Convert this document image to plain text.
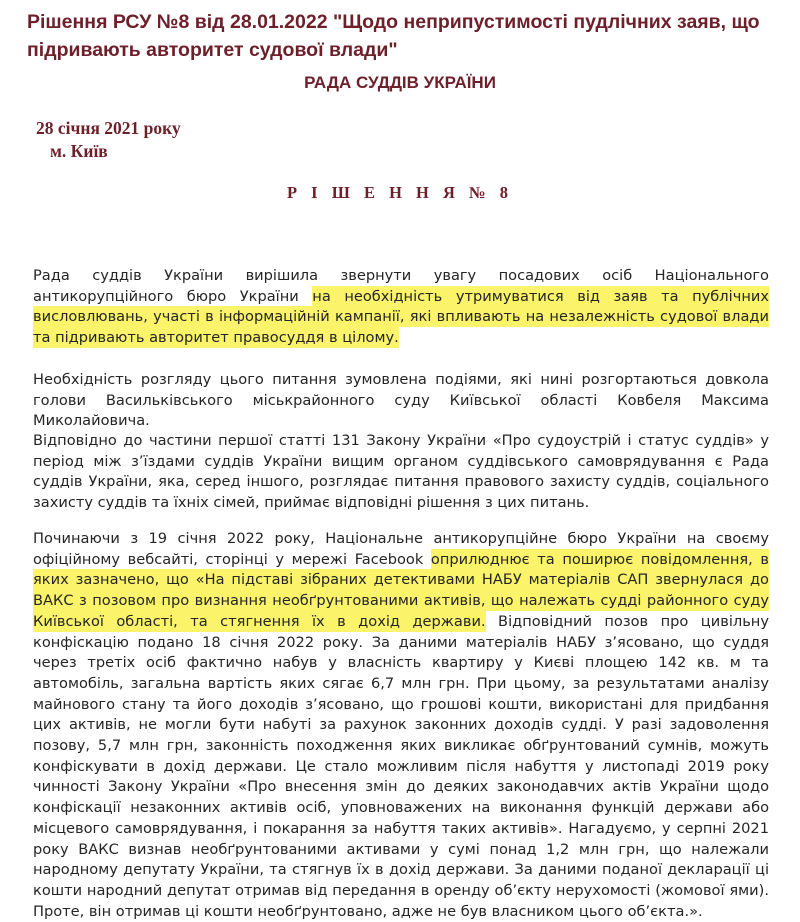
Рішення РСУ №8 від 28.01.2022 "Щодо неприпустимості пудлічних заяв, що підривають авторитет судової влади"
РАДА СУДДІВ УКРАЇНИ
28 січня 2021 року
м. Київ
Р І Ш Е Н Н Я № 8

Рада суддів України вирішила звернути увагу посадових осіб Національного антикорупційного бюро України на необхідність утримуватися від заяв та публічних висловлювань, участі в інформаційній кампанії, які впливають на незалежність судової влади та підривають авторитет правосуддя в цілому.

Необхідність розгляду цього питання зумовлена подіями, які нині розгортаються довкола голови Васильківського міськрайонного суду Київської області Ковбеля Максима Миколайовича.

Відповідно до частини першої статті 131 Закону України «Про судоустрій і статус суддів» у період між з’їздами суддів України вищим органом суддівського самоврядування є Рада суддів України, яка, серед іншого, розглядає питання правового захисту суддів, соціального захисту суддів та їхніх сімей, приймає відповідні рішення з цих питань.

Починаючи з 19 січня 2022 року, Національне антикорупційне бюро України на своєму офіційному вебсайті, сторінці у мережі Facebook оприлюднює та поширює повідомлення, в яких зазначено, що «На підставі зібраних детективами НАБУ матеріалів САП звернулася до ВАКС з позовом про визнання необґрунтованими активів, що належать судді районного суду Київської області, та стягнення їх в дохід держави. Відповідний позов про цивільну конфіскацію подано 18 січня 2022 року. За даними матеріалів НАБУ з’ясовано, що суддя через третіх осіб фактично набув у власність квартиру у Києві площею 142 кв. м та автомобіль, загальна вартість яких сягає 6,7 млн грн. При цьому, за результатами аналізу майнового стану та його доходів з’ясовано, що грошові кошти, використані для придбання цих активів, не могли бути набуті за рахунок законних доходів судді. У разі задоволення позову, 5,7 млн грн, законність походження яких викликає обґрунтований сумнів, можуть конфіскувати в дохід держави. Це стало можливим після набуття у листопаді 2019 року чинності Закону України «Про внесення змін до деяких законодавчих актів України щодо конфіскації незаконних активів осіб, уповноважених на виконання функцій держави або місцевого самоврядування, і покарання за набуття таких активів». Нагадуємо, у серпні 2021 року ВАКС визнав необґрунтованими активами у сумі понад 1,2 млн грн, що належали народному депутату України, та стягнув їх в дохід держави. За даними поданої декларації ці кошти народний депутат отримав від передання в оренду об’єкту нерухомості (жомової ями). Проте, він отримав ці кошти необґрунтовано, адже не був власником цього об’єкта.».
